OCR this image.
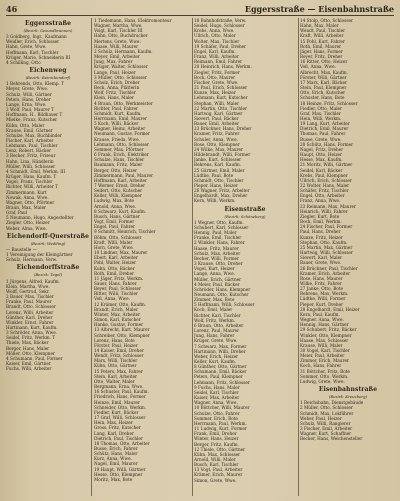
46	Eggersstraße — Eisenbahnstraße
Eggersstraße
(Bezirk: Gesundbrunnen)
3 Goldberg, Ingr., Kaufmann
Weidler, Erich, Schlosser
Hahn, Grete, Wwe.
Hoffmann, Karl, Tischler
Krüger, Marie, Schneiderin III
4 Schilling, Otto
Eichenweg
(Bezirk: Reinickendorf)
1 Behrends, Otto, Klemp. T
Meyer, Grete, Wwe.
Schulz, Willi, Gärtner
Peters, Hans, Dreher
Lange, Erna, Wwe.
2 Wolf, Paul, Maurer T
Hoffmann, H., Bildhauer T
Mielke, Franz, Kutscher
Kühn, Otto, Maler
Krause, Emil, Gärtner
Schulze, Max, Buchbinder
Fischer, Karl, Arbeiter
Lehmann, Paul, Tischler
Lenz, Robert, Bäcker
3 Becker, Fritz, Friseur
Hahn, Lina, Händlerin
Müller, Willi, Schlosser
4 Schmidt, Emil, Werkm. III
Krüger, Hans, Kaufm. T
Vogel, Franz, Tischler
Richter, Willi, Arbeiter T
Zimmermann, Kurt
Nowak, Anna, Wwe.
Wagner, Otto, Pförtner
Braun, Max, Maler
Graf, Paul
5 Neumann, Hugo, Angestellter
Ziegler, Otto, Heizer
Weber, Alma, Wwe.
Eichendorff-Querstraße
(Bezirk: Wedding)
— Baustelle —
1 Vereinigung der Kleingärtner
Schulz, Hermann, Verw.
Eichendorffstraße
(Bezirk: Tegel)
1 Jürgens, Alfred, Kaufm.
Klein, Martha, Wwe.
Wolff, Gertrud, Sekr.
2 Bauer, Max, Tischler
Franke, Paul, Maurer
Brandt, Otto, Schlosser
Lorenz, Willi, Arbeiter
Günther, Karl, Dreher
Winkler, Ernst, Fahrer
Hartmann, Kurt, Kaufm.
3 Schröder, Anna, Wwe.
Seidel, Fritz, Werkm. T
Thiele, Max, Bäcker
Berger, Hans, Maler
Möller, Otto, Klempner
4 Schumann, Paul, Former
Kaiser, Emil, Gärtner
Fuchs, Willi, Arbeiter
1 Tiedemann, Hans, Elektromonteur
Wagner, Martha, Wwe.
Voigt, Karl, Tischler III
Hahn, Otto, Buchdrucker
Mertens, Grete, Wwe.
Haase, Willi, Maurer
2 Schulz, Hermann, Kaufm.
Meyer, Emil, Arbeiter
Jung, Max, Fahrer
Krüger, Walter, Schlosser
Lange, Paul, Heizer
3 Müller, Otto, Schlosser
Scholz, Erich, Dreher
Beck, Anna, Plätterin
Wolf, Fritz, Tischler
Klein, Hans, Maler
4 Braun, Otto, Werkmeister
Richter, Paul, Fahrer
Schmidt, Kurt, Kaufm.
Herrmann, Emil, Maurer
5 Koch, Willi, Bäcker
Wagner, Heinz, Arbeiter
Neumann, Gustav, Former
Krause, Frieda, Wwe.
Lehmann, Otto, Schlosser
Sommer, Max, Pförtner
6 Frank, Erich, Elektriker
Schulze, Hans, Tischler
Baumann, Fritz, Maler
Berger, Otto, Heizer
Zimmermann, Paul, Maurer
Hoffmann, Karl, Arbeiter
7 Werner, Ernst, Dreher
Seifert, Otto, Kutscher
Keller, Willi, Klempner
Ludwig, Max, Bote
Arnold, Anna, Wwe.
8 Schwarz, Kurt, Kaufm.
Busch, Hans, Gärtner
Vogt, Emil, Former
Engel, Paul, Fahrer
9 Schmitt, Heinrich, Tischler
Böhm, Otto, Schlosser
Kraft, Willi, Maler
Horn, Grete, Wwe.
10 Lindner, Max, Maurer
Ebert, Karl, Arbeiter
Pohl, Walter, Heizer
Kuhn, Otto, Bäcker
Roth, Emil, Dreher
11 Jäger, Fritz, Werkm.
Sauer, Hans, Fahrer
Beyer, Paul, Schlosser
Ritter, Willi, Tischler
Voß, Anna, Wwe.
12 Krämer, Otto, Kaufm.
Brandt, Erich, Maler
Winter, Max, Arbeiter
Simon, Karl, Kutscher
Hanke, Gustav, Former
13 Albrecht, Kurt, Maurer
Schreiber, Otto, Klempner
Lorenz, Hans, Bote
Förster, Paul, Heizer
14 Kaiser, Emil, Dreher
Wendt, Fritz, Schlosser
Marx, Willi, Tischler
Kühn, Otto, Gärtner
15 Peters, Max, Fahrer
Stein, Karl, Arbeiter
Otto, Walter, Maler
Bergmann, Erna, Wwe.
16 Schuster, Paul, Kaufm.
Friedrich, Hans, Former
Heinze, Emil, Maurer
Schneider, Otto, Werkm.
Fiedler, Kurt, Bäcker
17 Graf, Willi, Schlosser
Hein, Max, Heizer
Gross, Fritz, Kutscher
Lang, Karl, Dreher
Dietrich, Paul, Tischler
18 Thomas, Otto, Arbeiter
Busse, Erich, Fahrer
Schütz, Hans, Maler
Kurz, Anna, Wwe.
Nagel, Emil, Maurer
19 Haupt, Willi, Gärtner
Hesse, Otto, Klempner
Moritz, Max, Bote
18 Bahnhofstraße, Verw.
Seidel, Hugo, Schlosser
Krebs, Anna, Wwe.
Ullrich, Otto, Maler
Wolter, Max, Tischler
19 Schäfer, Paul, Dreher
Engel, Karl, Kaufm.
Franz, Willi, Arbeiter
Reimann, Emil, Fahrer
20 Heinrich, Hans, Werkm.
Ziegler, Fritz, Former
Bock, Otto, Maurer
Fischer, Grete, Wwe.
21 Paul, Erich, Schlosser
Kunze, Max, Heizer
Lehmann, Kurt, Kutscher
Stephan, Willi, Maler
22 Martin, Otto, Tischler
Hartwig, Karl, Gärtner
Sievert, Paul, Bäcker
Bauer, Emil, Arbeiter
23 Brückner, Hans, Dreher
Kramer, Fritz, Fahrer
Schuler, Anna, Wwe.
Rose, Otto, Klempner
24 Wilke, Max, Maurer
Hildebrandt, Willi, Former
Janke, Kurt, Schlosser
Behrens, Karl, Kaufm.
25 Gärtner, Emil, Maler
Lüdtke, Paul, Bote
Schmidt, Otto, Tischler
Pieper, Hans, Heizer
26 Wagner, Fritz, Arbeiter
Engelhardt, Max, Dreher
Kern, Willi, Werkm.
Eisenstraße
(Bezirk: Schöneberg)
1 Wegner, Otto, Kaufm.
Schubert, Karl, Schlosser
Hennig, Paul, Maler
Franke, Emil, Tischler
2 Winkler, Hans, Fahrer
Haase, Fritz, Maurer
Schulz, Max, Arbeiter
Becker, Willi, Former
3 Krause, Otto, Dreher
Vogel, Kurt, Heizer
Lange, Anna, Wwe.
Müller, Erich, Gärtner
4 Meier, Paul, Bäcker
Schröder, Hans, Klempner
Neumann, Otto, Kutscher
Zimmer, Max, Bote
5 Hoffmann, Willi, Schlosser
Koch, Emil, Maler
Richter, Karl, Tischler
Wolf, Fritz, Werkm.
6 Braun, Otto, Arbeiter
Lorenz, Paul, Maurer
Jung, Hans, Fahrer
Krüger, Grete, Wwe.
7 Schwarz, Max, Former
Hartmann, Willi, Dreher
Weber, Erich, Heizer
Keller, Kurt, Kaufm.
8 Günther, Otto, Gärtner
Schumann, Emil, Bäcker
Peters, Paul, Klempner
Lehmann, Fritz, Schlosser
9 Fuchs, Hans, Maler
Seidel, Karl, Tischler
Kaiser, Max, Arbeiter
Wagner, Anna, Wwe.
10 Böttcher, Willi, Maurer
Schulze, Otto, Fahrer
Sommer, Erich, Bote
Herrmann, Paul, Werkm.
11 Ludwig, Kurt, Former
Frank, Emil, Dreher
Winter, Hans, Heizer
Berger, Fritz, Kaufm.
12 Thiele, Otto, Gärtner
Kühn, Max, Schlosser
Arnold, Willi, Maler
Busch, Karl, Tischler
13 Vogt, Paul, Arbeiter
Krämer, Erich, Maurer
Simon, Grete, Wwe.
14 Stolp, Otto, Schlosser
Hahn, Max, Maler
Wendt, Paul, Tischler
Kraft, Willi, Arbeiter
15 Pohl, Kurt, Fahrer
Roth, Emil, Maurer
Jäger, Hans, Former
Beyer, Fritz, Dreher
16 Ritter, Otto, Heizer
Voß, Anna, Wwe.
Albrecht, Max, Kaufm.
Förster, Willi, Gärtner
17 Marx, Karl, Bäcker
Stein, Paul, Klempner
Otto, Erich, Kutscher
Schuster, Hans, Bote
18 Heinze, Fritz, Schlosser
Fiedler, Otto, Maler
Graf, Max, Tischler
Hein, Willi, Werkm.
19 Lang, Kurt, Arbeiter
Dietrich, Emil, Maurer
Thomas, Paul, Fahrer
Busse, Grete, Wwe.
20 Schütz, Hans, Former
Nagel, Fritz, Dreher
Haupt, Otto, Heizer
Hesse, Max, Kaufm.
21 Moritz, Willi, Gärtner
Seidel, Karl, Bäcker
Krebs, Paul, Klempner
Ullrich, Erich, Schlosser
22 Wolter, Hans, Maler
Schäfer, Fritz, Tischler
Engel, Otto, Arbeiter
Franz, Anna, Wwe.
23 Reimann, Max, Maurer
Heinrich, Willi, Fahrer
Ziegler, Kurt, Bote
Bock, Emil, Werkm.
24 Fischer, Paul, Former
Paul, Hans, Dreher
Kunze, Fritz, Heizer
Stephan, Otto, Kaufm.
25 Martin, Max, Gärtner
Hartwig, Willi, Schlosser
Sievert, Karl, Maler
Bauer, Grete, Wwe.
26 Brückner, Paul, Tischler
Kramer, Erich, Arbeiter
Rose, Hans, Maurer
Wilke, Fritz, Fahrer
27 Janke, Otto, Bote
Behrens, Max, Werkm.
Lüdtke, Willi, Former
Pieper, Kurt, Dreher
28 Engelhardt, Emil, Heizer
Kern, Paul, Kaufm.
Wegner, Anna, Wwe.
Hennig, Hans, Gärtner
29 Schubert, Fritz, Bäcker
Winkler, Otto, Klempner
Haase, Max, Schlosser
Krause, Willi, Maler
30 Vogel, Karl, Tischler
Meier, Paul, Arbeiter
Zimmer, Erich, Maurer
Koch, Hans, Fahrer
31 Böttcher, Fritz, Bote
Sommer, Otto, Werkm.
Ludwig, Grete, Wwe.
Eisenbahnstraße
(Bezirk: Kreuzberg)
1 Reichsbahn, Dienstgebäude
2 Müller, Otto, Schlosser
Schmidt, Max, Lokführer
Weber, Paul, Heizer
Schulz, Willi, Rangierer
3 Fischer, Emil, Arbeiter
Wagner, Kurt, Schaffner
Becker, Hans, Weichensteller
